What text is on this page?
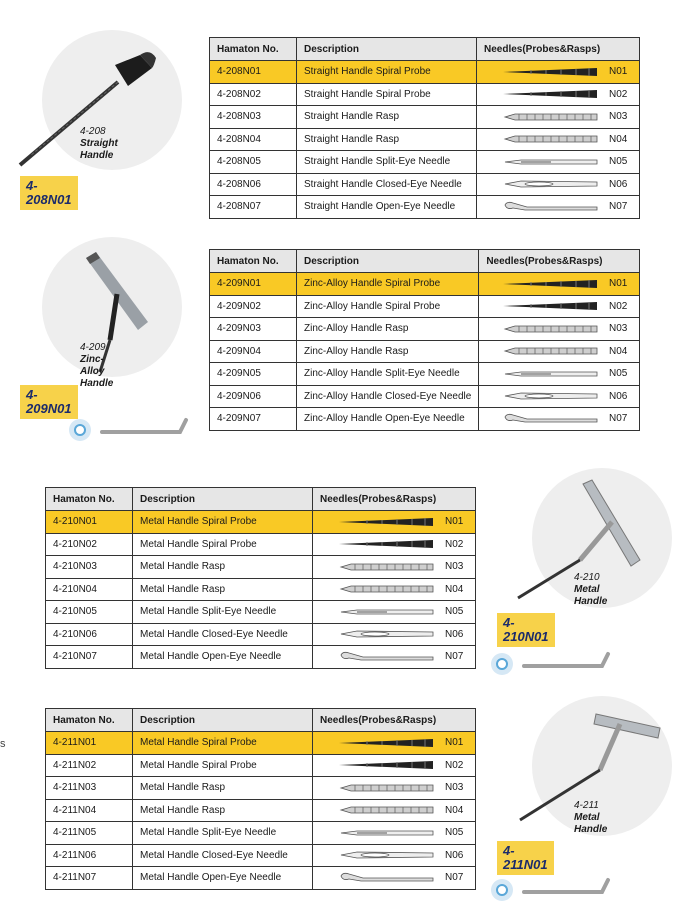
4-208
Straight Handle
4-208N01
Hamaton No.	Description	Needles(Probes&Rasps)
4-208N01	Straight Handle Spiral Probe	N01

4-208N02	Straight Handle Spiral Probe	N02

4-208N03	Straight Handle Rasp	N03

4-208N04	Straight Handle Rasp	N04

4-208N05	Straight Handle Split-Eye Needle	N05

4-208N06	Straight Handle Closed-Eye Needle	N06

4-208N07	Straight Handle Open-Eye Needle	N07
4-209
Zinc-Alloy Handle
4-209N01
Hamaton No.	Description	Needles(Probes&Rasps)
4-209N01	Zinc-Alloy Handle Spiral Probe	N01

4-209N02	Zinc-Alloy Handle Spiral Probe	N02

4-209N03	Zinc-Alloy Handle Rasp	N03

4-209N04	Zinc-Alloy Handle Rasp	N04

4-209N05	Zinc-Alloy Handle Split-Eye Needle	N05

4-209N06	Zinc-Alloy Handle Closed-Eye Needle	N06

4-209N07	Zinc-Alloy Handle Open-Eye Needle	N07
Hamaton No.	Description	Needles(Probes&Rasps)
4-210N01	Metal Handle Spiral Probe	N01

4-210N02	Metal Handle Spiral Probe	N02

4-210N03	Metal Handle Rasp	N03

4-210N04	Metal Handle Rasp	N04

4-210N05	Metal Handle Split-Eye Needle	N05

4-210N06	Metal Handle Closed-Eye Needle	N06

4-210N07	Metal Handle Open-Eye Needle	N07
4-210
Metal Handle
4-210N01
s
Hamaton No.	Description	Needles(Probes&Rasps)
4-211N01	Metal Handle Spiral Probe	N01

4-211N02	Metal Handle Spiral Probe	N02

4-211N03	Metal Handle Rasp	N03

4-211N04	Metal Handle Rasp	N04

4-211N05	Metal Handle Split-Eye Needle	N05

4-211N06	Metal Handle Closed-Eye Needle	N06

4-211N07	Metal Handle Open-Eye Needle	N07
4-211
Metal Handle
4-211N01
